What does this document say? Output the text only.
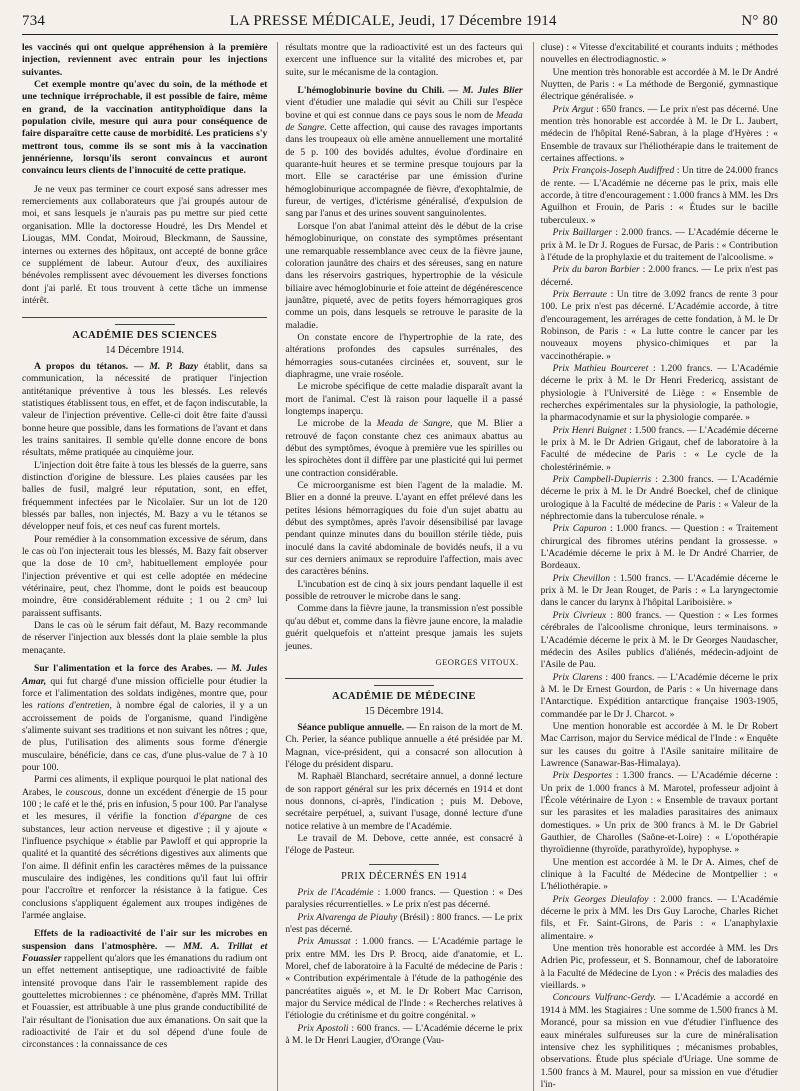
734	LA PRESSE MÉDICALE, Jeudi, 17 Décembre 1914	N° 80

les vaccinés qui ont quelque appréhension à la première injection, reviennent avec entrain pour les injections suivantes.

Cet exemple montre qu'avec du soin, de la méthode et une technique irréprochable, il est possible de faire, même en grand, de la vaccination antityphoïdique dans la population civile, mesure qui aura pour conséquence de faire disparaître cette cause de morbidité. Les praticiens s'y mettront tous, comme ils se sont mis à la vaccination jennérienne, lorsqu'ils seront convaincus et auront convaincu leurs clients de l'innocuité de cette pratique.

Je ne veux pas terminer ce court exposé sans adresser mes remerciements aux collaborateurs que j'ai groupés autour de moi, et sans lesquels je n'aurais pas pu mettre sur pied cette organisation. Mlle la doctoresse Houdré, les Drs Mendel et Liougas, MM. Condat, Moiroud, Bleckmann, de Saussine, internes ou externes des hôpitaux, ont accepté de bonne grâce ce supplément de labeur. Autour d'eux, des auxiliaires bénévoles remplissent avec dévouement les diverses fonctions dont j'ai parlé. Et tous trouvent à cette tâche un immense intérêt.

ACADÉMIE DES SCIENCES
14 Décembre 1914.

A propos du tétanos. — M. P. Bazy établit, dans sa communication, la nécessité de pratiquer l'injection antitétanique préventive à tous les blessés. Les relevés statistiques établissent tous, en effet, et de façon indiscutable, la valeur de l'injection préventive. Celle-ci doit être faite d'aussi bonne heure que possible, dans les formations de l'avant et dans les trains sanitaires. Il semble qu'elle donne encore de bons résultats, même pratiquée au cinquième jour.

L'injection doit être faite à tous les blessés de la guerre, sans distinction d'origine de blessure. Les plaies causées par les balles de fusil, malgré leur réputation, sont, en effet, fréquemment infectées par le Nicolaïer. Sur un lot de 120 blessés par balles, non injectés, M. Bazy a vu le tétanos se développer neuf fois, et ces neuf cas furent mortels.

Pour remédier à la consommation excessive de sérum, dans le cas où l'on injecterait tous les blessés, M. Bazy fait observer que la dose de 10 cm³, habituellement employée pour l'injection préventive et qui est celle adoptée en médecine vétérinaire, peut, chez l'homme, dont le poids est beaucoup moindre, être considérablement réduite ; 1 ou 2 cm³ lui paraissent suffisants.

Dans le cas où le sérum fait défaut, M. Bazy recommande de réserver l'injection aux blessés dont la plaie semble la plus menaçante.

Sur l'alimentation et la force des Arabes. — M. Jules Amar, qui fut chargé d'une mission officielle pour étudier la force et l'alimentation des soldats indigènes, montre que, pour les rations d'entretien, à nombre égal de calories, il y a un accroissement de poids de l'organisme, quand l'indigène s'alimente suivant ses traditions et non suivant les nôtres ; que, de plus, l'utilisation des aliments sous forme d'énergie musculaire, bénéficie, dans ce cas, d'une plus-value de 7 à 10 pour 100.

Parmi ces aliments, il explique pourquoi le plat national des Arabes, le couscous, donne un excédent d'énergie de 15 pour 100 ; le café et le thé, pris en infusion, 5 pour 100. Par l'analyse et les mesures, il vérifie la fonction d'épargne de ces substances, leur action nerveuse et digestive ; il y ajoute « l'influence psychique » établie par Pawloff et qui approprie la qualité et la quantité des sécrétions digestives aux aliments que l'on aime. Il définit enfin les caractères mêmes de la puissance musculaire des indigènes, les conditions qu'il faut lui offrir pour l'accroître et renforcer la résistance à la fatigue. Ces conclusions s'appliquent également aux troupes indigènes de l'armée anglaise.

Effets de la radioactivité de l'air sur les microbes en suspension dans l'atmosphère. — MM. A. Trillat et Fouassier rappellent qu'alors que les émanations du radium ont un effet nettement antiseptique, une radioactivité de faible intensité provoque dans l'air le rassemblement rapide des gouttelettes microbiennes : ce phénomène, d'après MM. Trillat et Fouassier, est attribuable à une plus grande conductibilité de l'air résultant de l'ionisation due aux émanations. On sait que la radioactivité de l'air et du sol dépend d'une foule de circonstances : la connaissance de ces

résultats montre que la radioactivité est un des facteurs qui exercent une influence sur la vitalité des microbes et, par suite, sur le mécanisme de la contagion.

L'hémoglobinurie bovine du Chili. — M. Jules Blier vient d'étudier une maladie qui sévit au Chili sur l'espèce bovine et qui est connue dans ce pays sous le nom de Meada de Sangre. Cette affection, qui cause des ravages importants dans les troupeaux où elle amène annuellement une mortalité de 5 p. 100 des bovidés adultes, évolue d'ordinaire en quarante-huit heures et se termine presque toujours par la mort. Elle se caractérise par une émission d'urine hémoglobinurique accompagnée de fièvre, d'exophtalmie, de fureur, de vertiges, d'ictérisme généralisé, d'expulsion de sang par l'anus et des urines souvent sanguinolentes.

Lorsque l'on abat l'animal atteint dès le début de la crise hémoglobinurique, on constate des symptômes présentant une remarquable ressemblance avec ceux de la fièvre jaune, coloration jaunâtre des chairs et des séreuses, sang en nature dans les réservoirs gastriques, hypertrophie de la vésicule biliaire avec hémoglobinurie et foie atteint de dégénérescence jaunâtre, piqueté, avec de petits foyers hémorragiques gros comme un pois, dans lesquels se retrouve le parasite de la maladie.

On constate encore de l'hypertrophie de la rate, des altérations profondes des capsules surrénales, des hémorragies sous-cutanées circinées et, souvent, sur le diaphragme, une vraie roséole.

Le microbe spécifique de cette maladie disparaît avant la mort de l'animal. C'est là raison pour laquelle il a passé longtemps inaperçu.

Le microbe de la Meada de Sangre, que M. Blier a retrouvé de façon constante chez ces animaux abattus au début des symptômes, évoque à première vue les spirilles ou les spirochètes dont il diffère par une plasticité qui lui permet une contraction considérable.

Ce microorganisme est bien l'agent de la maladie. M. Blier en a donné la preuve. L'ayant en effet prélevé dans les petites lésions hémorragiques du foie d'un sujet abattu au début des symptômes, après l'avoir désensibilisé par lavage pendant quinze minutes dans du bouillon stérile tiède, puis inoculé dans la cavité abdominale de bovidés neufs, il a vu sur ces derniers animaux se reproduire l'affection, mais avec des caractères bénins.

L'incubation est de cinq à six jours pendant laquelle il est possible de retrouver le microbe dans le sang.

Comme dans la fièvre jaune, la transmission n'est possible qu'au début et, comme dans la fièvre jaune encore, la maladie guérit quelquefois et n'atteint presque jamais les sujets jeunes.

GEORGES VITOUX.
ACADÉMIE DE MÉDECINE
15 Décembre 1914.

Séance publique annuelle. — En raison de la mort de M. Ch. Perier, la séance publique annuelle a été présidée par M. Magnan, vice-président, qui a consacré son allocution à l'éloge du président disparu.

M. Raphaël Blanchard, secrétaire annuel, a donné lecture de son rapport général sur les prix décernés en 1914 et dont nous donnons, ci-après, l'indication ; puis M. Debove, secrétaire perpétuel, a, suivant l'usage, donné lecture d'une notice relative à un membre de l'Académie.

Le travail de M. Debove, cette année, est consacré à l'éloge de Pasteur.

PRIX DÉCERNÉS EN 1914

Prix de l'Académie : 1.000 francs. — Question : « Des paralysies récurrentielles. » Le prix n'est pas décerné.

Prix Alvarenga de Piauhy (Brésil) : 800 francs. — Le prix n'est pas décerné.

Prix Amussat : 1.000 francs. — L'Académie partage le prix entre MM. les Drs P. Brocq, aide d'anatomie, et L. Morel, chef de laboratoire à la Faculté de médecine de Paris : « Contribution expérimentale à l'étude de la pathogénie des pancréatites aiguës », et M. le Dr Robert Mac Carrison, major du Service médical de l'Inde : « Recherches relatives à l'étiologie du crétinisme et du goitre congénital. »

Prix Apostoli : 600 francs. — L'Académie décerne le prix à M. le Dr Henri Laugier, d'Orange (Vau-

cluse) : « Vitesse d'excitabilité et courants induits ; méthodes nouvelles en électrodiagnostic. »

Une mention très honorable est accordée à M. le Dr André Nuytten, de Paris : « La méthode de Bergonié, gymnastique électrique généralisée. »

Prix Argut : 650 francs. — Le prix n'est pas décerné. Une mention très honorable est accordée à M. le Dr L. Jaubert, médecin de l'hôpital René-Sabran, à la plage d'Hyères : « Ensemble de travaux sur l'héliothérapie dans le traitement de certaines affections. »

Prix François-Joseph Audiffred : Un titre de 24.000 francs de rente. — L'Académie ne décerne pas le prix, mais elle accorde, à titre d'encouragement : 1.000 francs à MM. les Drs Aguilhon et Frouin, de Paris : « Études sur le bacille tuberculeux. »

Prix Baillarger : 2.000 francs. — L'Académie décerne le prix à M. le Dr J. Rogues de Fursac, de Paris : « Contribution à l'étude de la prophylaxie et du traitement de l'alcoolisme. »

Prix du baron Barbier : 2.000 francs. — Le prix n'est pas décerné.

Prix Berraute : Un titre de 3.092 francs de rente 3 pour 100. Le prix n'est pas décerné. L'Académie accorde, à titre d'encouragement, les arrérages de cette fondation, à M. le Dr Robinson, de Paris : « La lutte contre le cancer par les nouveaux moyens physico-chimiques et par la vaccinothérapie. »

Prix Mathieu Bourceret : 1.200 francs. — L'Académie décerne le prix à M. le Dr Henri Fredericq, assistant de physiologie à l'Université de Liège : « Ensemble de recherches expérimentales sur la physiologie, la pathologie, la pharmacodynamie et sur la physiologie comparée. »

Prix Henri Buignet : 1.500 francs. — L'Académie décerne le prix à M. le Dr Adrien Grigaut, chef de laboratoire à la Faculté de médecine de Paris : « Le cycle de la cholestérinémie. »

Prix Campbell-Dupierris : 2.300 francs. — L'Académie décerne le prix à M. le Dr André Boeckel, chef de clinique urologique à la Faculté de médecine de Paris : « Valeur de la néphrectomie dans la tuberculose rénale. »

Prix Capuron : 1.000 francs. — Question : « Traitement chirurgical des fibromes utérins pendant la grossesse. » L'Académie décerne le prix à M. le Dr André Charrier, de Bordeaux.

Prix Chevillon : 1.500 francs. — L'Académie décerne le prix à M. le Dr Jean Rouget, de Paris : « La laryngectomie dans le cancer du larynx à l'hôpital Lariboisière. »

Prix Civrieux : 800 francs. — Question : « Les formes cérébrales de l'alcoolisme chronique, leurs terminaisons. » L'Académie décerne le prix à M. le Dr Georges Naudascher, médecin des Asiles publics d'aliénés, médecin-adjoint de l'Asile de Pau.

Prix Clarens : 400 francs. — L'Académie décerne le prix à M. le Dr Ernest Gourdon, de Paris : « Un hivernage dans l'Antarctique. Expédition antarctique française 1903-1905, commandée par le Dr J. Charcot. »

Une mention honorable est accordée à M. le Dr Robert Mac Carrison, major du Service médical de l'Inde : « Enquête sur les causes du goitre à l'Asile sanitaire militaire de Lawrence (Sanawar-Bas-Himalaya).

Prix Desportes : 1.300 francs. — L'Académie décerne : Un prix de 1.000 francs à M. Marotel, professeur adjoint à l'École vétérinaire de Lyon : « Ensemble de travaux portant sur les parasites et les maladies parasitaires des animaux domestiques. » Un prix de 300 francs à M. le Dr Gabriel Gauthier, de Charolles (Saône-et-Loire) : « L'opothérapie thyroïdienne (thyroïde, parathyroïde), hypophyse. »

Une mention est accordée à M. le Dr A. Aimes, chef de clinique à la Faculté de Médecine de Montpellier : « L'héliothérapie. »

Prix Georges Dieulafoy : 2.000 francs. — L'Académie décerne le prix à MM. les Drs Guy Laroche, Charles Richet fils, et Fr. Saint-Girons, de Paris : « L'anaphylaxie alimentaire. »

Une mention très honorable est accordée à MM. les Drs Adrien Pic, professeur, et S. Bonnamour, chef de laboratoire à la Faculté de Médecine de Lyon : « Précis des maladies des vieillards. »

Concours Vulfranc-Gerdy. — L'Académie a accordé en 1914 à MM. les Stagiaires : Une somme de 1.500 francs à M. Morancé, pour sa mission en vue d'étudier l'influence des eaux minérales sulfureuses sur la cure de minéralisation intensive chez les syphilitiques ; mécanismes probables, observations. Étude plus spéciale d'Uriage. Une somme de 1.500 francs à M. Maurel, pour sa mission en vue d'étudier l'in-
